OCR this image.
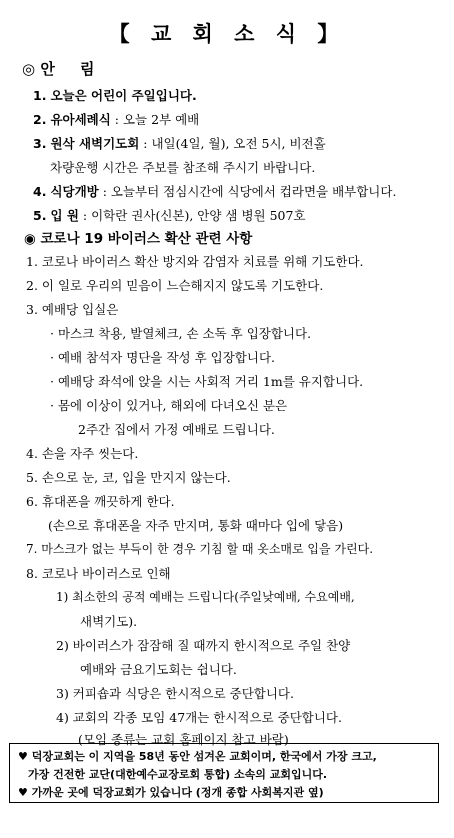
【 교 회 소 식 】
◎ 안 림
1. 오늘은 어린이 주일입니다.
2. 유아세례식 : 오늘 2부 예배
3. 원삭 새벽기도회 : 내일(4일, 월), 오전 5시, 비전홀
차량운행 시간은 주보를 참조해 주시기 바랍니다.
4. 식당개방 : 오늘부터 점심시간에 식당에서 컵라면을 배부합니다.
5. 입 원 : 이학란 권사(신본), 안양 샘 병원 507호
◉ 코로나 19 바이러스 확산 관련 사항
1. 코로나 바이러스 확산 방지와 감염자 치료를 위해 기도한다.
2. 이 일로 우리의 믿음이 느슨해지지 않도록 기도한다.
3. 예배당 입실은
· 마스크 착용, 발열체크, 손 소독 후 입장합니다.
· 예배 참석자 명단을 작성 후 입장합니다.
· 예배당 좌석에 앉을 시는 사회적 거리 1m를 유지합니다.
· 몸에 이상이 있거나, 해외에 다녀오신 분은
2주간 집에서 가정 예배로 드립니다.
4. 손을 자주 씻는다.
5. 손으로 눈, 코, 입을 만지지 않는다.
6. 휴대폰을 깨끗하게 한다.
(손으로 휴대폰을 자주 만지며, 통화 때마다 입에 닿음)
7. 마스크가 없는 부득이 한 경우 기침 할 때 옷소매로 입을 가린다.
8. 코로나 바이러스로 인해
1) 최소한의 공적 예배는 드립니다(주일낮예배, 수요예배,
새벽기도).
2) 바이러스가 잠잠해 질 때까지 한시적으로 주일 찬양
예배와 금요기도회는 쉽니다.
3) 커피숍과 식당은 한시적으로 중단합니다.
4) 교회의 각종 모임 47개는 한시적으로 중단합니다.
(모임 종류는 교회 홈페이지 참고 바람)
♥ 덕장교회는 이 지역을 58년 동안 섬겨온 교회이며, 한국에서 가장 크고,
가장 건전한 교단(대한예수교장로회 통합) 소속의 교회입니다.
♥ 가까운 곳에 덕장교회가 있습니다 (정개 종합 사회복지관 옆)
